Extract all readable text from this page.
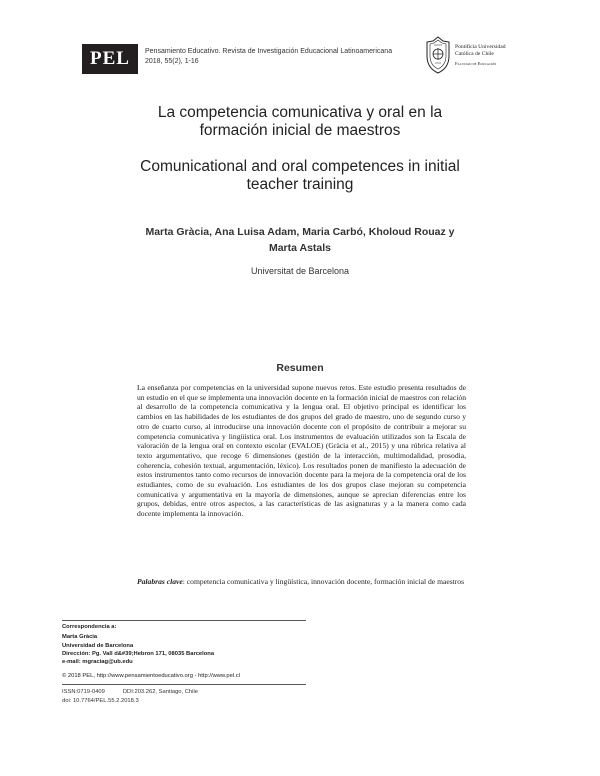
PEL	Pensamiento Educativo. Revista de Investigación Educacional Latinoamericana
2018, 55(2), 1-16
Pontificia Universidad
Católica de Chile
Facultad de Educación
La competencia comunicativa y oral en la formación inicial de maestros
Comunicational and oral competences in initial teacher training
Marta Gràcia, Ana Luisa Adam, Maria Carbó, Kholoud Rouaz y Marta Astals
Universitat de Barcelona
Resumen
La enseñanza por competencias en la universidad supone nuevos retos. Este estudio presenta resultados de un estudio en el que se implementa una innovación docente en la formación inicial de maestros con relación al desarrollo de la competencia comunicativa y la lengua oral. El objetivo principal es identificar los cambios en las habilidades de los estudiantes de dos grupos del grado de maestro, uno de segundo curso y otro de cuarto curso, al introducirse una innovación docente con el propósito de contribuir a mejorar su competencia comunicativa y lingüística oral. Los instrumentos de evaluación utilizados son la Escala de valoración de la lengua oral en contexto escolar (EVALOE) (Gràcia et al., 2015) y una rúbrica relativa al texto argumentativo, que recoge 6 dimensiones (gestión de la interacción, multimodalidad, prosodia, coherencia, cohesión textual, argumentación, léxico). Los resultados ponen de manifiesto la adecuación de estos instrumentos tanto como recursos de innovación docente para la mejora de la competencia oral de los estudiantes, como de su evaluación. Los estudiantes de los dos grupos clase mejoran su competencia comunicativa y argumentativa en la mayoría de dimensiones, aunque se aprecian diferencias entre los grupos, debidas, entre otros aspectos, a las características de las asignaturas y a la manera como cada docente implementa la innovación.
Palabras clave: competencia comunicativa y lingüística, innovación docente, formación inicial de maestros
Correspondencia a:
Marta Gràcia
Universidad de Barcelona
Dirección: Pg. Vall d&#39;Hebron 171, 08035 Barcelona
e-mail: mgraciag@ub.edu
© 2018 PEL, http://www.pensamientoeducativo.org - http://www.pel.cl
ISSN:0719-0409	DDI:203.262, Santiago, Chile
doi: 10.7764/PEL.55.2.2018.3
